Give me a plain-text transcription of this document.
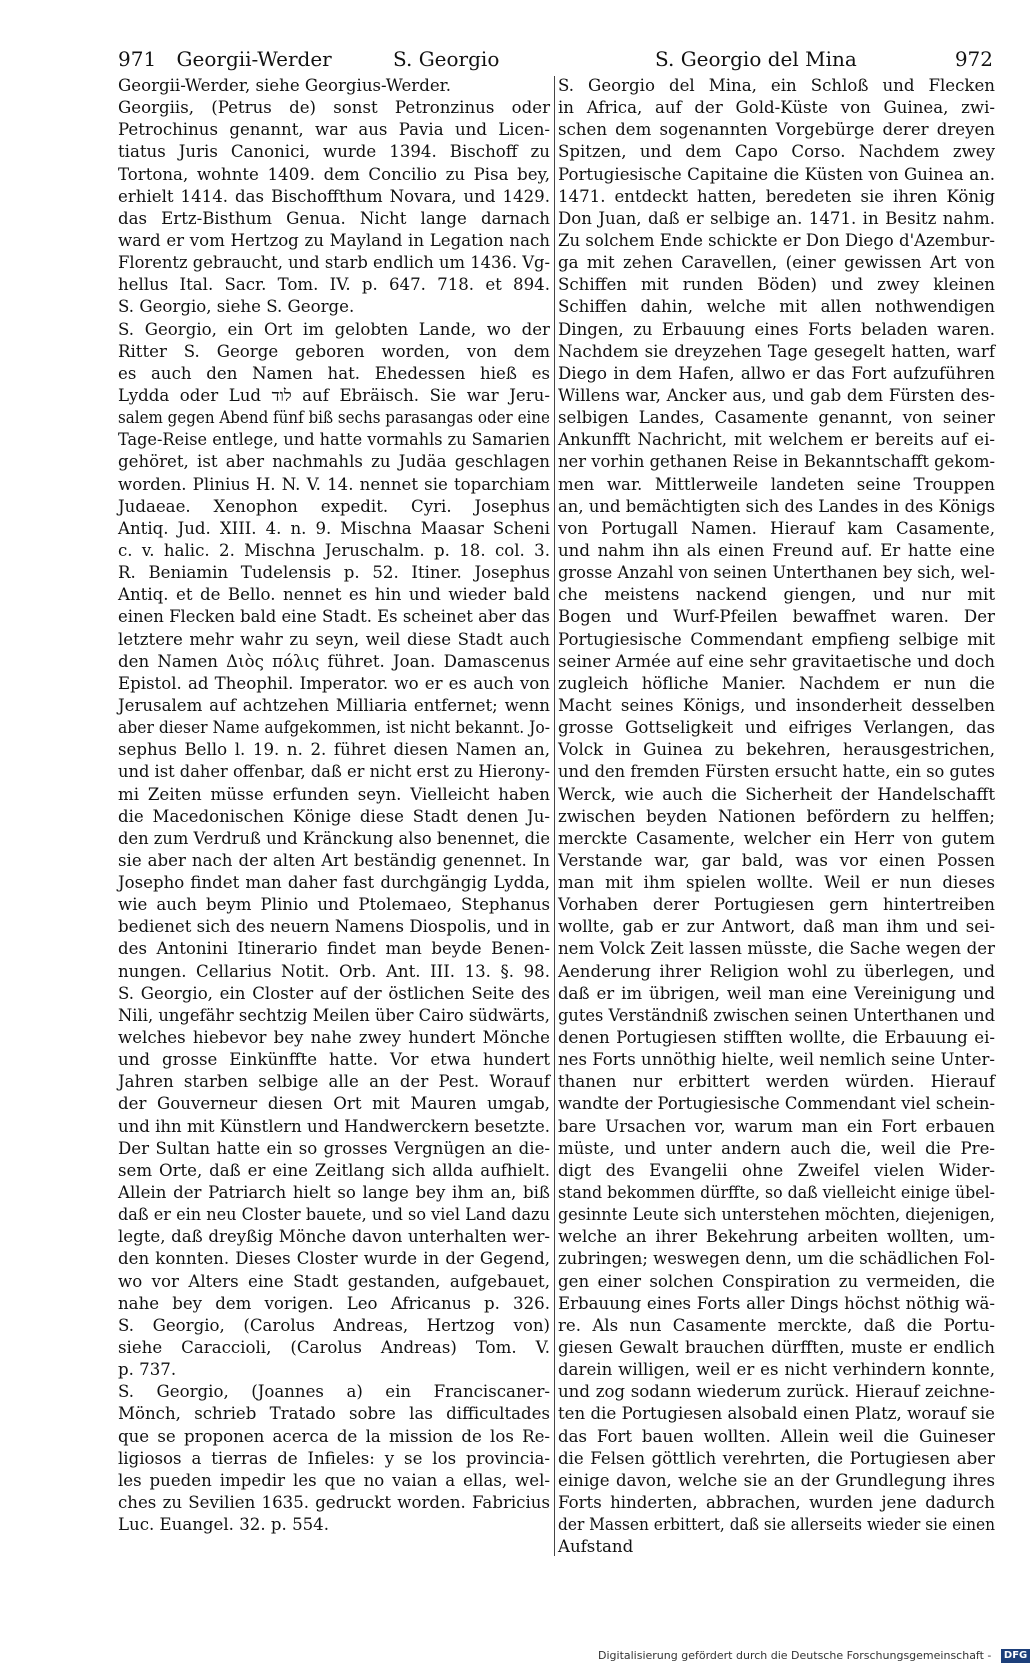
971 Georgii-Werder	S. Georgio	S. Georgio del Mina	972
Georgii-Werder, siehe Georgius-Werder.
Georgiis, (Petrus de) sonst Petronzinus oder
Petrochinus genannt, war aus Pavia und Licen-
tiatus Juris Canonici, wurde 1394. Bischoff zu
Tortona, wohnte 1409. dem Concilio zu Pisa bey,
erhielt 1414. das Bischoffthum Novara, und 1429.
das Ertz-Bisthum Genua. Nicht lange darnach
ward er vom Hertzog zu Mayland in Legation nach
Florentz gebraucht, und starb endlich um 1436. Vg-
hellus Ital. Sacr. Tom. IV. p. 647. 718. et 894.
S. Georgio, siehe S. George.
S. Georgio, ein Ort im gelobten Lande, wo der
Ritter S. George geboren worden, von dem
es auch den Namen hat. Ehedessen hieß es
Lydda oder Lud לוד auf Ebräisch. Sie war Jeru-
salem gegen Abend fünf biß sechs parasangas oder eine
Tage-Reise entlege, und hatte vormahls zu Samarien
gehöret, ist aber nachmahls zu Judäa geschlagen
worden. Plinius H. N. V. 14. nennet sie toparchiam
Judaeae. Xenophon expedit. Cyri. Josephus
Antiq. Jud. XIII. 4. n. 9. Mischna Maasar Scheni
c. v. halic. 2. Mischna Jeruschalm. p. 18. col. 3.
R. Beniamin Tudelensis p. 52. Itiner. Josephus
Antiq. et de Bello. nennet es hin und wieder bald
einen Flecken bald eine Stadt. Es scheinet aber das
letztere mehr wahr zu seyn, weil diese Stadt auch
den Namen Διὸς πόλις führet. Joan. Damascenus
Epistol. ad Theophil. Imperator. wo er es auch von
Jerusalem auf achtzehen Milliaria entfernet; wenn
aber dieser Name aufgekommen, ist nicht bekannt. Jo-
sephus Bello l. 19. n. 2. führet diesen Namen an,
und ist daher offenbar, daß er nicht erst zu Hierony-
mi Zeiten müsse erfunden seyn. Vielleicht haben
die Macedonischen Könige diese Stadt denen Ju-
den zum Verdruß und Kränckung also benennet, die
sie aber nach der alten Art beständig genennet. In
Josepho findet man daher fast durchgängig Lydda,
wie auch beym Plinio und Ptolemaeo, Stephanus
bedienet sich des neuern Namens Diospolis, und in
des Antonini Itinerario findet man beyde Benen-
nungen. Cellarius Notit. Orb. Ant. III. 13. §. 98.
S. Georgio, ein Closter auf der östlichen Seite des
Nili, ungefähr sechtzig Meilen über Cairo südwärts,
welches hiebevor bey nahe zwey hundert Mönche
und grosse Einkünffte hatte. Vor etwa hundert
Jahren starben selbige alle an der Pest. Worauf
der Gouverneur diesen Ort mit Mauren umgab,
und ihn mit Künstlern und Handwerckern besetzte.
Der Sultan hatte ein so grosses Vergnügen an die-
sem Orte, daß er eine Zeitlang sich allda aufhielt.
Allein der Patriarch hielt so lange bey ihm an, biß
daß er ein neu Closter bauete, und so viel Land dazu
legte, daß dreyßig Mönche davon unterhalten wer-
den konnten. Dieses Closter wurde in der Gegend,
wo vor Alters eine Stadt gestanden, aufgebauet,
nahe bey dem vorigen. Leo Africanus p. 326.
S. Georgio, (Carolus Andreas, Hertzog von)
siehe Caraccioli, (Carolus Andreas) Tom. V.
p. 737.
S. Georgio, (Joannes a) ein Franciscaner-
Mönch, schrieb Tratado sobre las difficultades
que se proponen acerca de la mission de los Re-
ligiosos a tierras de Infieles: y se los provincia-
les pueden impedir les que no vaian a ellas, wel-
ches zu Sevilien 1635. gedruckt worden. Fabricius
Luc. Euangel. 32. p. 554.
S. Georgio del Mina, ein Schloß und Flecken
in Africa, auf der Gold-Küste von Guinea, zwi-
schen dem sogenannten Vorgebürge derer dreyen
Spitzen, und dem Capo Corso. Nachdem zwey
Portugiesische Capitaine die Küsten von Guinea an.
1471. entdeckt hatten, beredeten sie ihren König
Don Juan, daß er selbige an. 1471. in Besitz nahm.
Zu solchem Ende schickte er Don Diego d'Azembur-
ga mit zehen Caravellen, (einer gewissen Art von
Schiffen mit runden Böden) und zwey kleinen
Schiffen dahin, welche mit allen nothwendigen
Dingen, zu Erbauung eines Forts beladen waren.
Nachdem sie dreyzehen Tage gesegelt hatten, warf
Diego in dem Hafen, allwo er das Fort aufzuführen
Willens war, Ancker aus, und gab dem Fürsten des-
selbigen Landes, Casamente genannt, von seiner
Ankunfft Nachricht, mit welchem er bereits auf ei-
ner vorhin gethanen Reise in Bekanntschafft gekom-
men war. Mittlerweile landeten seine Trouppen
an, und bemächtigten sich des Landes in des Königs
von Portugall Namen. Hierauf kam Casamente,
und nahm ihn als einen Freund auf. Er hatte eine
grosse Anzahl von seinen Unterthanen bey sich, wel-
che meistens nackend giengen, und nur mit
Bogen und Wurf-Pfeilen bewaffnet waren. Der
Portugiesische Commendant empfieng selbige mit
seiner Armée auf eine sehr gravitaetische und doch
zugleich höfliche Manier. Nachdem er nun die
Macht seines Königs, und insonderheit desselben
grosse Gottseligkeit und eifriges Verlangen, das
Volck in Guinea zu bekehren, herausgestrichen,
und den fremden Fürsten ersucht hatte, ein so gutes
Werck, wie auch die Sicherheit der Handelschafft
zwischen beyden Nationen befördern zu helffen;
merckte Casamente, welcher ein Herr von gutem
Verstande war, gar bald, was vor einen Possen
man mit ihm spielen wollte. Weil er nun dieses
Vorhaben derer Portugiesen gern hintertreiben
wollte, gab er zur Antwort, daß man ihm und sei-
nem Volck Zeit lassen müsste, die Sache wegen der
Aenderung ihrer Religion wohl zu überlegen, und
daß er im übrigen, weil man eine Vereinigung und
gutes Verständniß zwischen seinen Unterthanen und
denen Portugiesen stifften wollte, die Erbauung ei-
nes Forts unnöthig hielte, weil nemlich seine Unter-
thanen nur erbittert werden würden. Hierauf
wandte der Portugiesische Commendant viel schein-
bare Ursachen vor, warum man ein Fort erbauen
müste, und unter andern auch die, weil die Pre-
digt des Evangelii ohne Zweifel vielen Wider-
stand bekommen dürffte, so daß vielleicht einige übel-
gesinnte Leute sich unterstehen möchten, diejenigen,
welche an ihrer Bekehrung arbeiten wollten, um-
zubringen; weswegen denn, um die schädlichen Fol-
gen einer solchen Conspiration zu vermeiden, die
Erbauung eines Forts aller Dings höchst nöthig wä-
re. Als nun Casamente merckte, daß die Portu-
giesen Gewalt brauchen dürfften, muste er endlich
darein willigen, weil er es nicht verhindern konnte,
und zog sodann wiederum zurück. Hierauf zeichne-
ten die Portugiesen alsobald einen Platz, worauf sie
das Fort bauen wollten. Allein weil die Guineser
die Felsen göttlich verehrten, die Portugiesen aber
einige davon, welche sie an der Grundlegung ihres
Forts hinderten, abbrachen, wurden jene dadurch
der Massen erbittert, daß sie allerseits wieder sie einen
Aufstand
Digitalisierung gefördert durch die Deutsche Forschungsgemeinschaft - DFG
